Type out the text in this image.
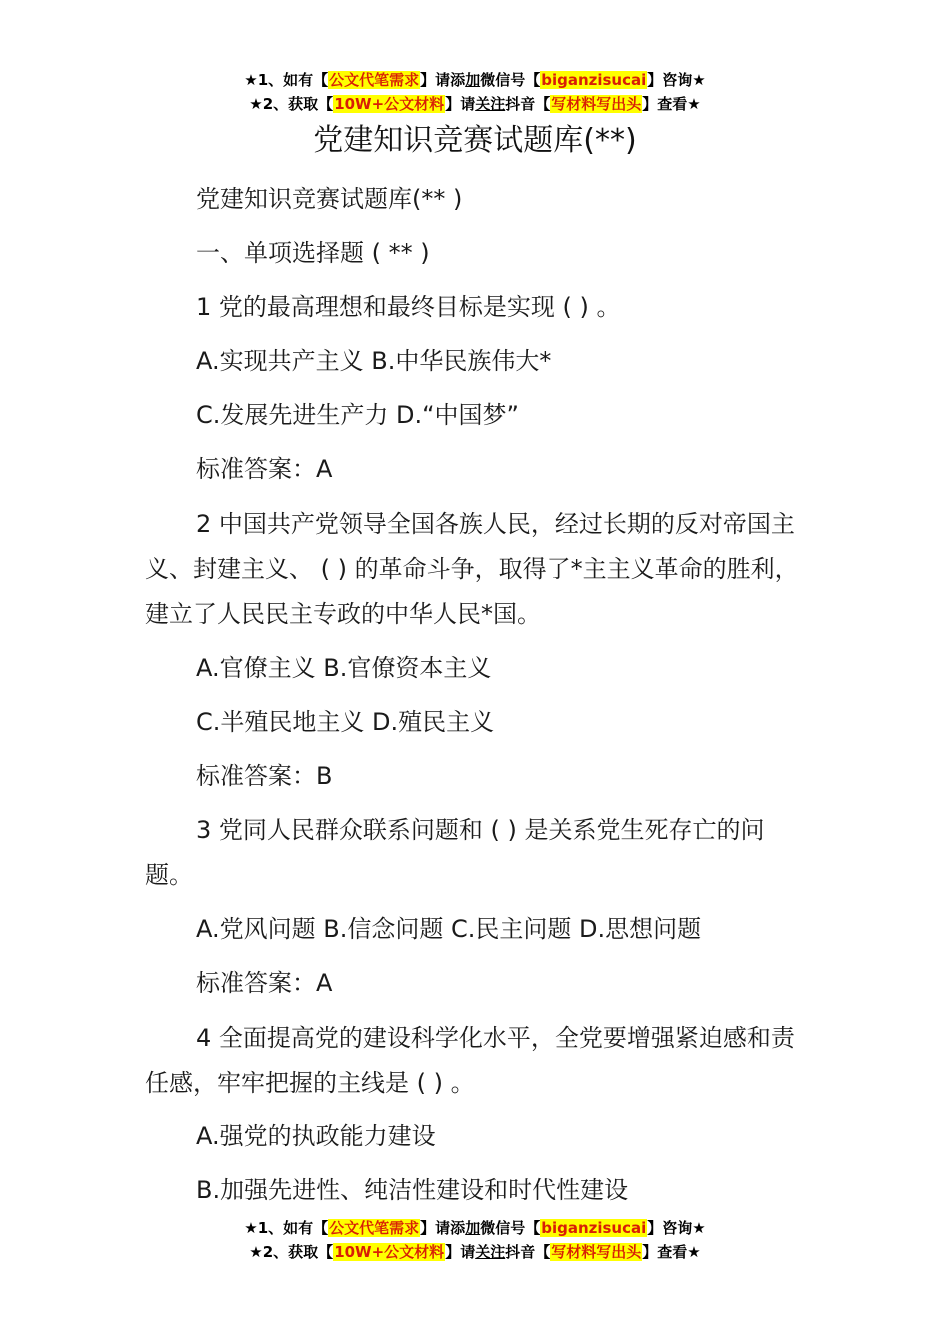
★1、如有【公文代笔需求】请添加微信号【biganzisucai】咨询★
★2、获取【10W+公文材料】请关注抖音【写材料写出头】查看★
党建知识竞赛试题库(**)
党建知识竞赛试题库(** )
一、单项选择题 ( ** )
1 党的最高理想和最终目标是实现 ( ) 。
A.实现共产主义 B.中华民族伟大*
C.发展先进生产力 D.“中国梦”
标准答案：A
2 中国共产党领导全国各族人民，经过长期的反对帝国主义、封建主义、 ( ) 的革命斗争，取得了*主主义革命的胜利，建立了人民民主专政的中华人民*国。
A.官僚主义 B.官僚资本主义
C.半殖民地主义 D.殖民主义
标准答案：B
3 党同人民群众联系问题和 ( ) 是关系党生死存亡的问题。
A.党风问题 B.信念问题 C.民主问题 D.思想问题
标准答案：A
4 全面提高党的建设科学化水平，全党要增强紧迫感和责任感，牢牢把握的主线是 ( ) 。
A.强党的执政能力建设
B.加强先进性、纯洁性建设和时代性建设
★1、如有【公文代笔需求】请添加微信号【biganzisucai】咨询★
★2、获取【10W+公文材料】请关注抖音【写材料写出头】查看★
